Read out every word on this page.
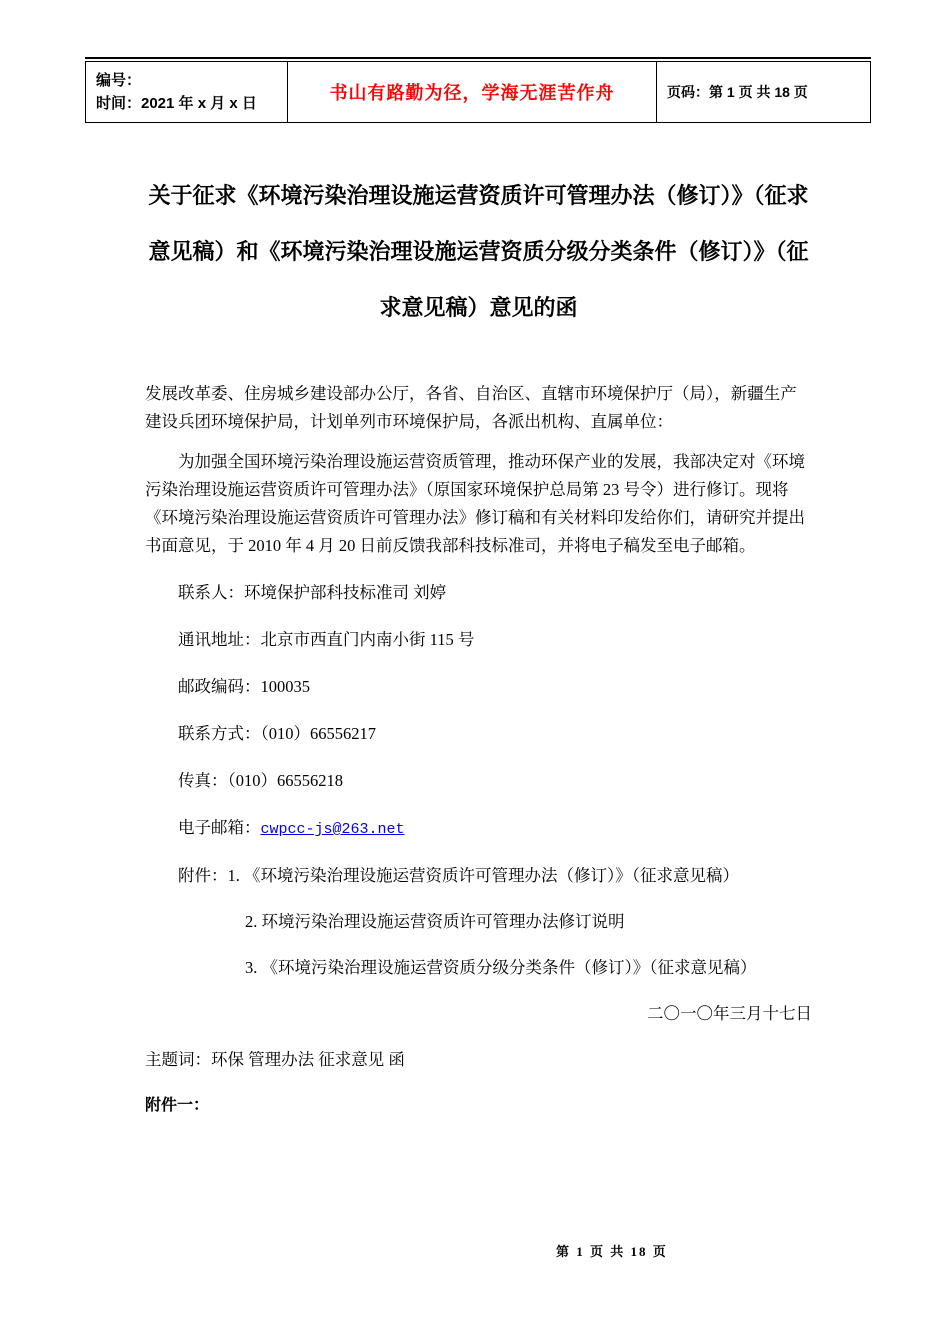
编号：
时间：2021 年 x 月 x 日
书山有路勤为径，学海无涯苦作舟	页码：第 1 页 共 18 页
关于征求《环境污染治理设施运营资质许可管理办法（修订）》（征求意见稿）和《环境污染治理设施运营资质分级分类条件（修订）》（征求意见稿）意见的函

发展改革委、住房城乡建设部办公厅，各省、自治区、直辖市环境保护厅（局），新疆生产建设兵团环境保护局，计划单列市环境保护局，各派出机构、直属单位：

为加强全国环境污染治理设施运营资质管理，推动环保产业的发展，我部决定对《环境污染治理设施运营资质许可管理办法》（原国家环境保护总局第 23 号令）进行修订。现将《环境污染治理设施运营资质许可管理办法》修订稿和有关材料印发给你们，请研究并提出书面意见，于 2010 年 4 月 20 日前反馈我部科技标准司，并将电子稿发至电子邮箱。

联系人：环境保护部科技标准司 刘婷

通讯地址：北京市西直门内南小街 115 号

邮政编码：100035

联系方式：（010）66556217

传真：（010）66556218

电子邮箱：cwpcc-js@263.net

附件：1. 《环境污染治理设施运营资质许可管理办法（修订）》（征求意见稿）

2. 环境污染治理设施运营资质许可管理办法修订说明

3. 《环境污染治理设施运营资质分级分类条件（修订）》（征求意见稿）

二〇一〇年三月十七日

主题词：环保 管理办法 征求意见 函

附件一：

第 1 页 共 18 页
